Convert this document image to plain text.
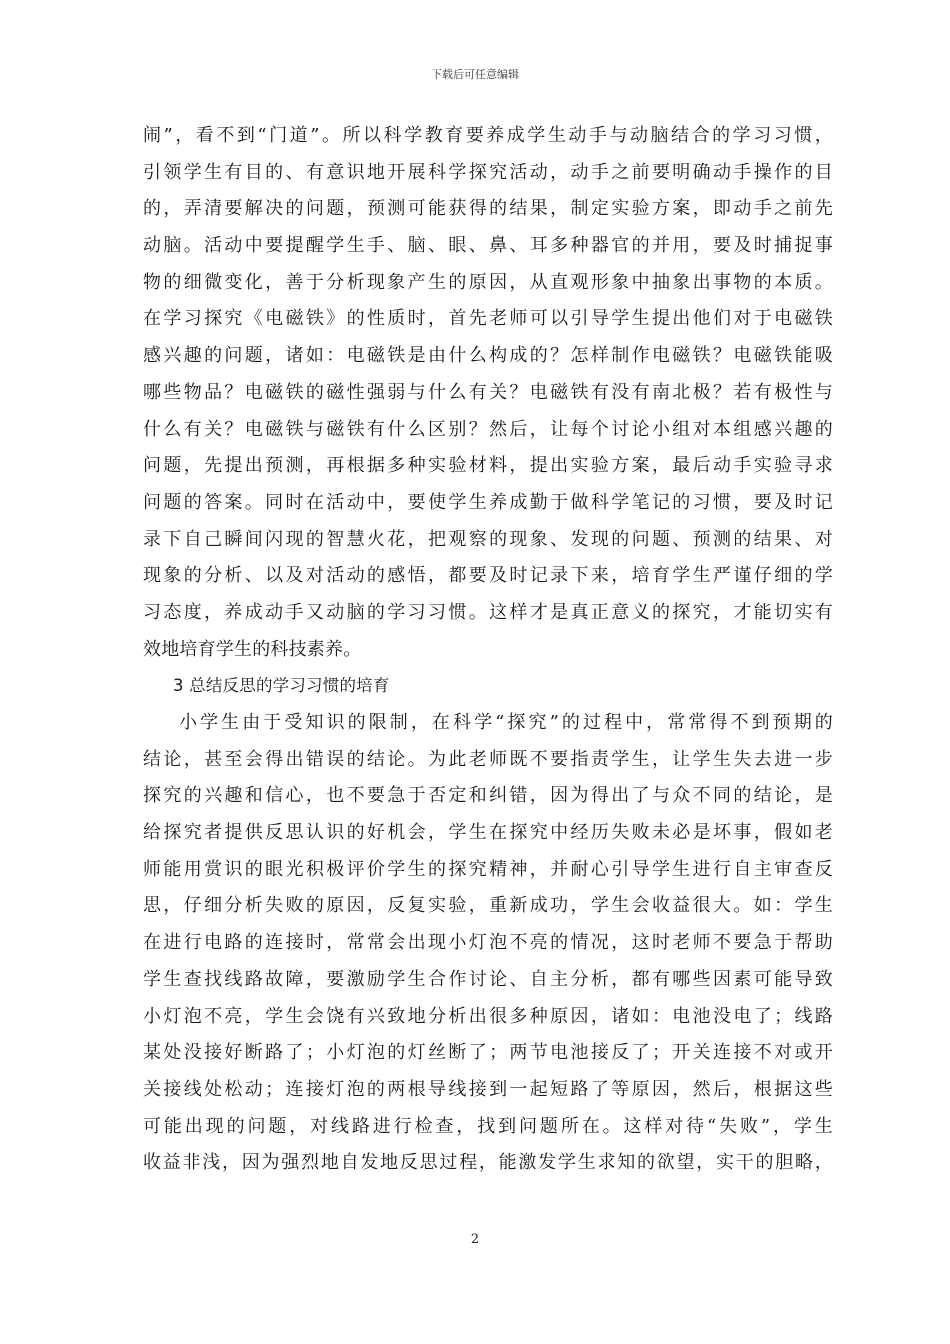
下载后可任意编辑
闹”，看不到“门道”。所以科学教育要养成学生动手与动脑结合的学习习惯，
引领学生有目的、有意识地开展科学探究活动，动手之前要明确动手操作的目
的，弄清要解决的问题，预测可能获得的结果，制定实验方案，即动手之前先
动脑。活动中要提醒学生手、脑、眼、鼻、耳多种器官的并用，要及时捕捉事
物的细微变化，善于分析现象产生的原因，从直观形象中抽象出事物的本质。
在学习探究《电磁铁》的性质时，首先老师可以引导学生提出他们对于电磁铁
感兴趣的问题，诸如：电磁铁是由什么构成的？怎样制作电磁铁？电磁铁能吸
哪些物品？电磁铁的磁性强弱与什么有关？电磁铁有没有南北极？若有极性与
什么有关？电磁铁与磁铁有什么区别？然后，让每个讨论小组对本组感兴趣的
问题，先提出预测，再根据多种实验材料，提出实验方案，最后动手实验寻求
问题的答案。同时在活动中，要使学生养成勤于做科学笔记的习惯，要及时记
录下自己瞬间闪现的智慧火花，把观察的现象、发现的问题、预测的结果、对
现象的分析、以及对活动的感悟，都要及时记录下来，培育学生严谨仔细的学
习态度，养成动手又动脑的学习习惯。这样才是真正意义的探究，才能切实有
效地培育学生的科技素养。
3 总结反思的学习习惯的培育
小学生由于受知识的限制，在科学“探究”的过程中，常常得不到预期的
结论，甚至会得出错误的结论。为此老师既不要指责学生，让学生失去进一步
探究的兴趣和信心，也不要急于否定和纠错，因为得出了与众不同的结论，是
给探究者提供反思认识的好机会，学生在探究中经历失败未必是坏事，假如老
师能用赏识的眼光积极评价学生的探究精神，并耐心引导学生进行自主审查反
思，仔细分析失败的原因，反复实验，重新成功，学生会收益很大。如：学生
在进行电路的连接时，常常会出现小灯泡不亮的情况，这时老师不要急于帮助
学生查找线路故障，要激励学生合作讨论、自主分析，都有哪些因素可能导致
小灯泡不亮，学生会饶有兴致地分析出很多种原因，诸如：电池没电了；线路
某处没接好断路了；小灯泡的灯丝断了；两节电池接反了；开关连接不对或开
关接线处松动；连接灯泡的两根导线接到一起短路了等原因，然后，根据这些
可能出现的问题，对线路进行检查，找到问题所在。这样对待“失败”，学生
收益非浅，因为强烈地自发地反思过程，能激发学生求知的欲望，实干的胆略，
2
